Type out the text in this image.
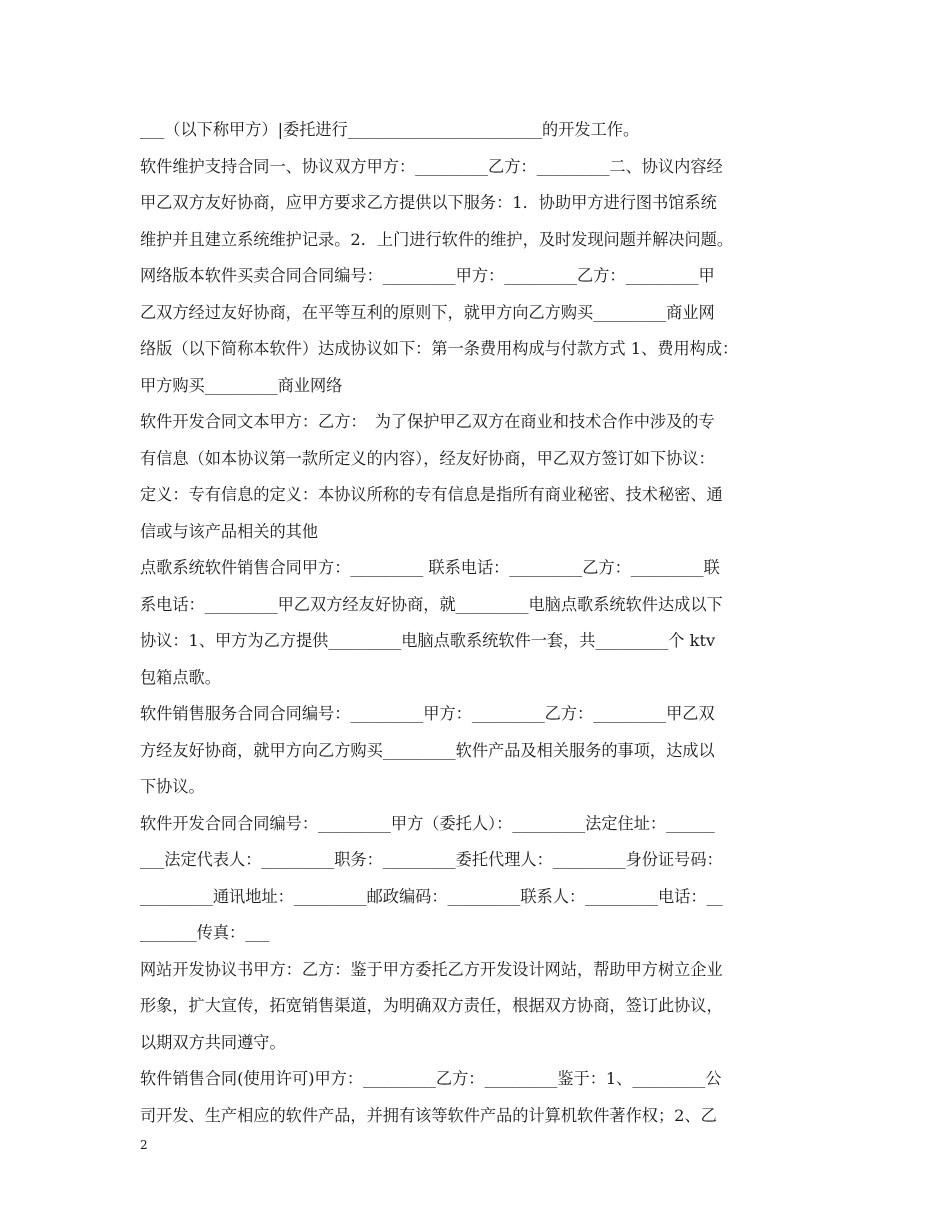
___（以下称甲方）|委托进行________________________的开发工作。
软件维护支持合同一、协议双方甲方：_________乙方：_________二、协议内容经
甲乙双方友好协商，应甲方要求乙方提供以下服务：1．协助甲方进行图书馆系统
维护并且建立系统维护记录。2．上门进行软件的维护，及时发现问题并解决问题。
网络版本软件买卖合同合同编号：_________甲方：_________乙方：_________甲
乙双方经过友好协商，在平等互利的原则下，就甲方向乙方购买_________商业网
络版（以下简称本软件）达成协议如下：第一条费用构成与付款方式 1、费用构成：
甲方购买_________商业网络
软件开发合同文本甲方：乙方：　为了保护甲乙双方在商业和技术合作中涉及的专
有信息（如本协议第一款所定义的内容），经友好协商，甲乙双方签订如下协议：
定义：专有信息的定义：本协议所称的专有信息是指所有商业秘密、技术秘密、通
信或与该产品相关的其他
点歌系统软件销售合同甲方：_________ 联系电话：_________乙方：_________联
系电话：_________甲乙双方经友好协商，就_________电脑点歌系统软件达成以下
协议：1、甲方为乙方提供_________电脑点歌系统软件一套，共_________个 ktv
包箱点歌。
软件销售服务合同合同编号：_________甲方：_________乙方：_________甲乙双
方经友好协商，就甲方向乙方购买_________软件产品及相关服务的事项，达成以
下协议。
软件开发合同合同编号：_________甲方（委托人）：_________法定住址：______
___法定代表人：_________职务：_________委托代理人：_________身份证号码：
_________通讯地址：_________邮政编码：_________联系人：_________电话：__
_______传真：___
网站开发协议书甲方：乙方：鉴于甲方委托乙方开发设计网站，帮助甲方树立企业
形象，扩大宣传，拓宽销售渠道，为明确双方责任，根据双方协商，签订此协议，
以期双方共同遵守。
软件销售合同(使用许可)甲方：_________乙方：_________鉴于：1、_________公
司开发、生产相应的软件产品，并拥有该等软件产品的计算机软件著作权；2、乙
2
